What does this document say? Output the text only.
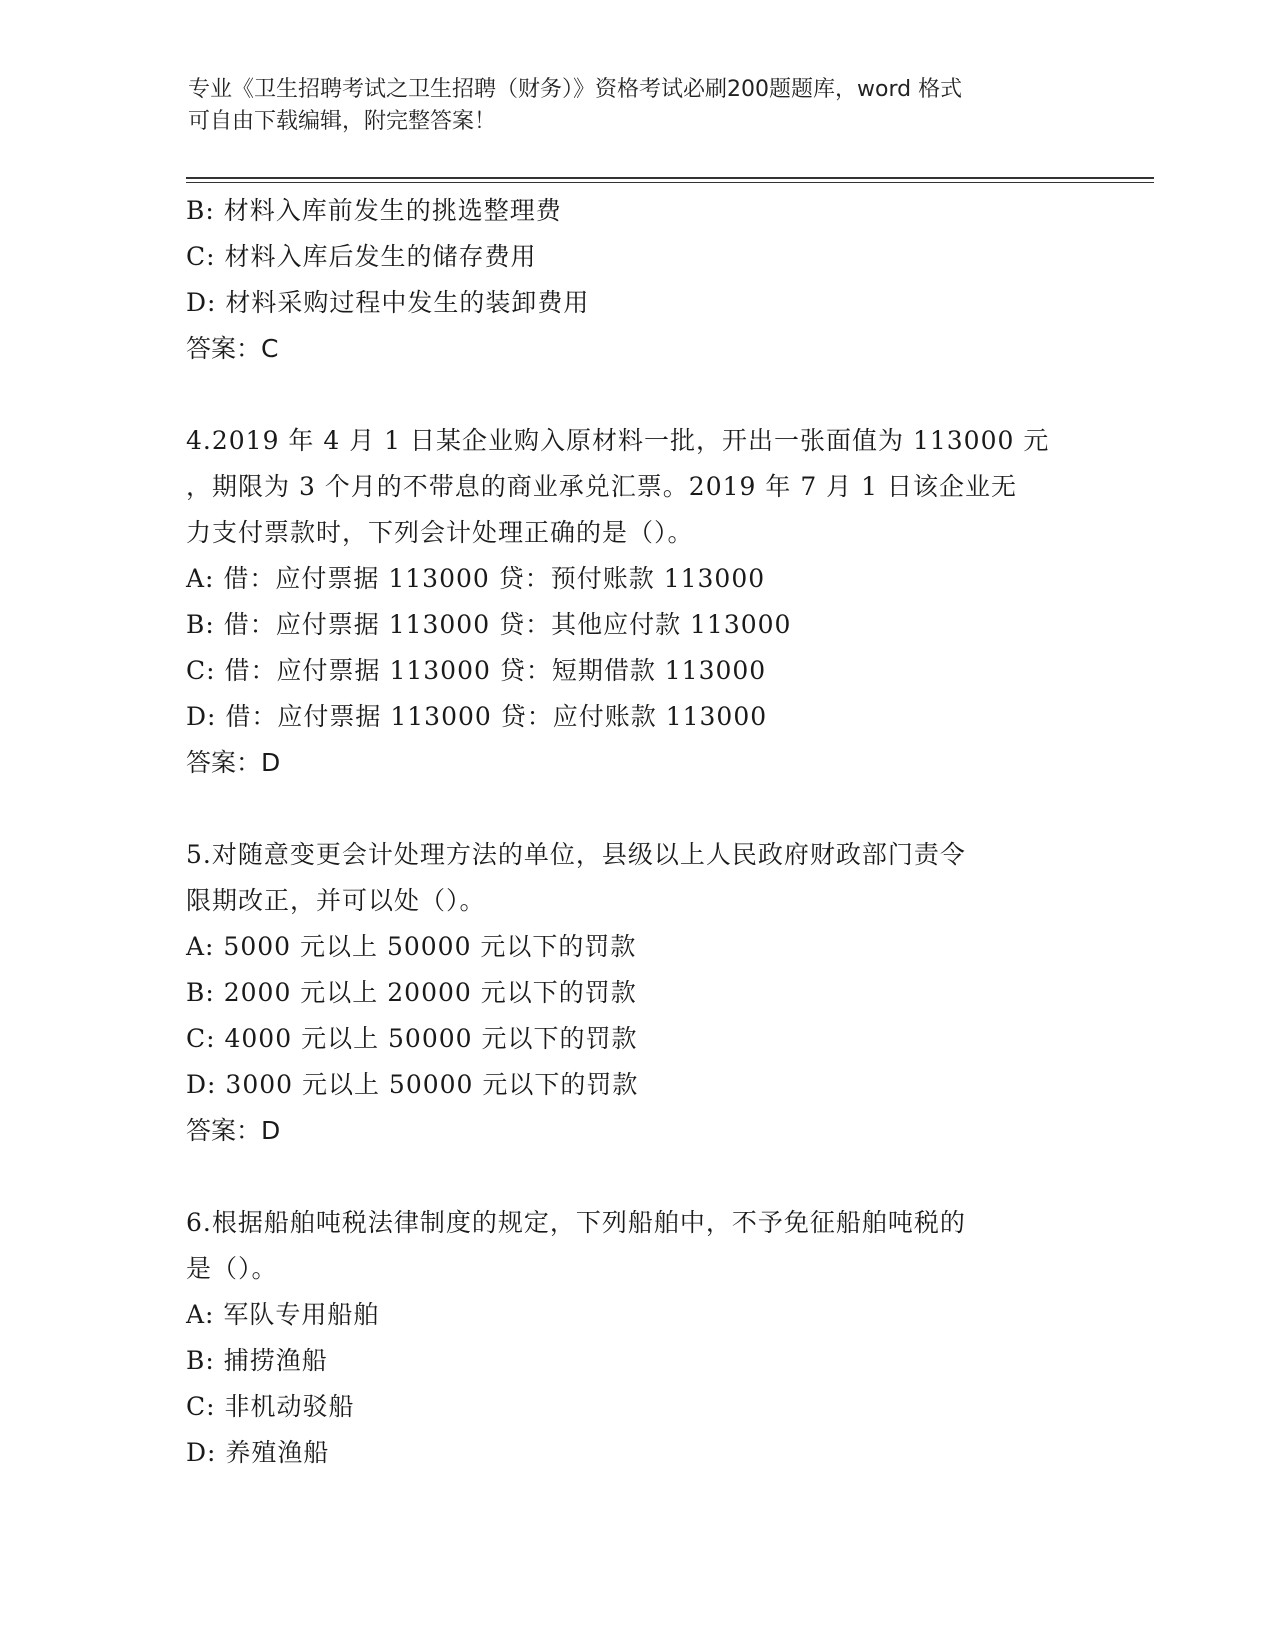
专业《卫生招聘考试之卫生招聘（财务）》资格考试必刷200题题库，word 格式
可自由下载编辑，附完整答案！
B: 材料入库前发生的挑选整理费
C: 材料入库后发生的储存费用
D: 材料采购过程中发生的装卸费用
答案：C
4.2019 年 4 月 1 日某企业购入原材料一批，开出一张面值为 113000 元
，期限为 3 个月的不带息的商业承兑汇票。2019 年 7 月 1 日该企业无
力支付票款时，下列会计处理正确的是（）。
A: 借：应付票据 113000 贷：预付账款 113000
B: 借：应付票据 113000 贷：其他应付款 113000
C: 借：应付票据 113000 贷：短期借款 113000
D: 借：应付票据 113000 贷：应付账款 113000
答案：D
5.对随意变更会计处理方法的单位，县级以上人民政府财政部门责令
限期改正，并可以处（）。
A: 5000 元以上 50000 元以下的罚款
B: 2000 元以上 20000 元以下的罚款
C: 4000 元以上 50000 元以下的罚款
D: 3000 元以上 50000 元以下的罚款
答案：D
6.根据船舶吨税法律制度的规定，下列船舶中，不予免征船舶吨税的
是（）。
A: 军队专用船舶
B: 捕捞渔船
C: 非机动驳船
D: 养殖渔船
